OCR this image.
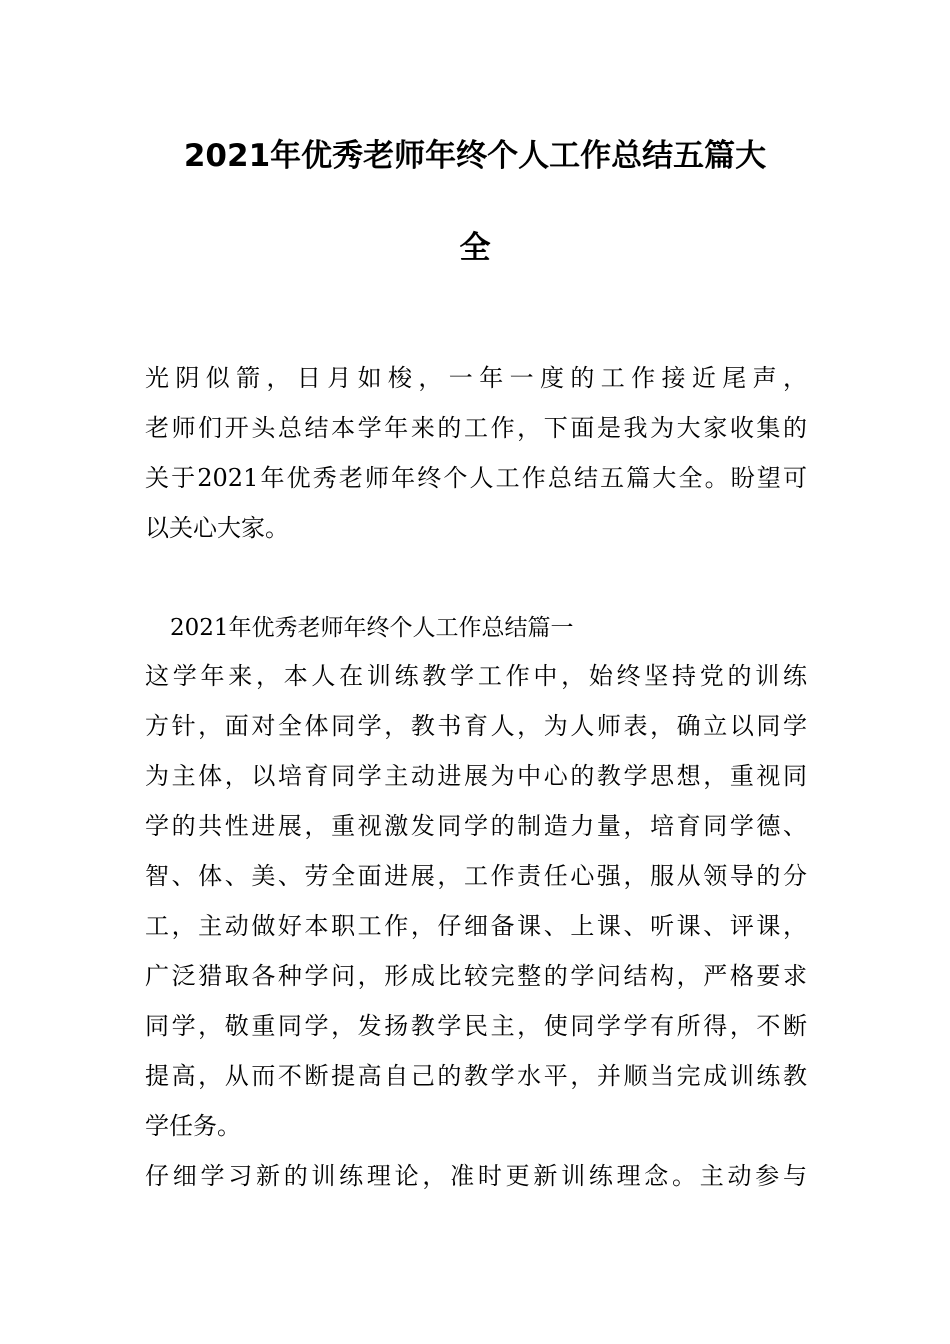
2021年优秀老师年终个人工作总结五篇大
全

光阴似箭，日月如梭，一年一度的工作接近尾声，

老师们开头总结本学年来的工作，下面是我为大家收集的

关于2021年优秀老师年终个人工作总结五篇大全。盼望可

以关心大家。

2021年优秀老师年终个人工作总结篇一

这学年来，本人在训练教学工作中，始终坚持党的训练

方针，面对全体同学，教书育人，为人师表，确立以同学

为主体，以培育同学主动进展为中心的教学思想，重视同

学的共性进展，重视激发同学的制造力量，培育同学德、

智、体、美、劳全面进展，工作责任心强，服从领导的分

工，主动做好本职工作，仔细备课、上课、听课、评课，

广泛猎取各种学问，形成比较完整的学问结构，严格要求

同学，敬重同学，发扬教学民主，使同学学有所得，不断

提高，从而不断提高自己的教学水平，并顺当完成训练教

学任务。

仔细学习新的训练理论，准时更新训练理念。主动参与
